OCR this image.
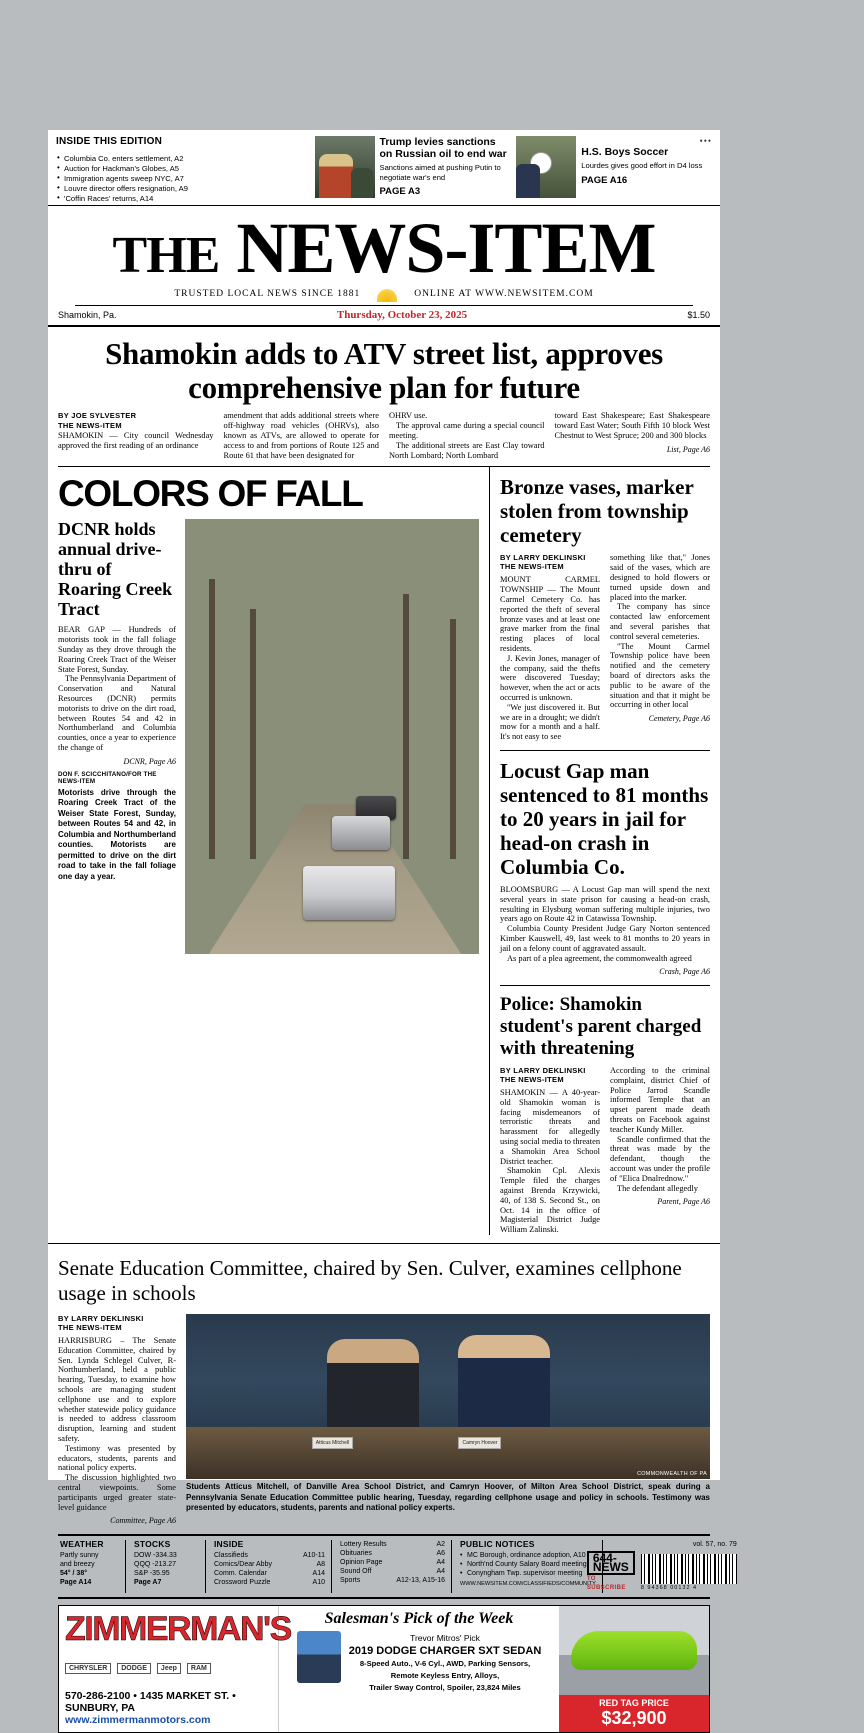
INSIDE THIS EDITION
• Columbia Co. enters settlement, A2
• Auction for Hackman's Globes, A5
• Immigration agents sweep NYC, A7
• Louvre director offers resignation, A9
• 'Coffin Races' returns, A14
Trump levies sanctions on Russian oil to end war
Sanctions aimed at pushing Putin to negotiate war's end
PAGE A3
•••
H.S. Boys Soccer
Lourdes gives good effort in D4 loss
PAGE A16
THE NEWS-ITEM
TRUSTED LOCAL NEWS SINCE 1881	ONLINE AT WWW.NEWSITEM.COM
Shamokin, Pa.	Thursday, October 23, 2025	$1.50
Shamokin adds to ATV street list, approves comprehensive plan for future
BY JOE SYLVESTER
THE NEWS-ITEM

SHAMOKIN — City council Wednesday approved the first reading of an ordinance

amendment that adds additional streets where off-highway road vehicles (OHRVs), also known as ATVs, are allowed to operate for access to and from portions of Route 125 and Route 61 that have been designated for

OHRV use.

The approval came during a special council meeting.

The additional streets are East Clay toward North Lombard; North Lombard

toward East Shakespeare; East Shakespeare toward East Water; South Fifth 10 block West Chestnut to West Spruce; 200 and 300 blocks

List, Page A6
COLORS OF FALL
DCNR holds annual drive-thru of Roaring Creek Tract

BEAR GAP — Hundreds of motorists took in the fall foliage Sunday as they drove through the Roaring Creek Tract of the Weiser State Forest, Sunday.

The Pennsylvania Department of Conservation and Natural Resources (DCNR) permits motorists to drive on the dirt road, between Routes 54 and 42 in Northumberland and Columbia counties, once a year to experience the change of

DCNR, Page A6
DON F. SCICCHITANO/FOR THE NEWS-ITEM
Motorists drive through the Roaring Creek Tract of the Weiser State Forest, Sunday, between Routes 54 and 42, in Columbia and Northumberland counties. Motorists are permitted to drive on the dirt road to take in the fall foliage one day a year.
Bronze vases, marker stolen from township cemetery
BY LARRY DEKLINSKI
THE NEWS-ITEM

MOUNT CARMEL TOWNSHIP — The Mount Carmel Cemetery Co. has reported the theft of several bronze vases and at least one grave marker from the final resting places of local residents.

J. Kevin Jones, manager of the company, said the thefts were discovered Tuesday; however, when the act or acts occurred is unknown.

"We just discovered it. But we are in a drought; we didn't mow for a month and a half. It's not easy to see

something like that," Jones said of the vases, which are designed to hold flowers or turned upside down and placed into the marker.

The company has since contacted law enforcement and several parishes that control several cemeteries.

"The Mount Carmel Township police have been notified and the cemetery board of directors asks the public to be aware of the situation and that it might be occurring in other local

Cemetery, Page A6
Locust Gap man sentenced to 81 months to 20 years in jail for head-on crash in Columbia Co.

BLOOMSBURG — A Locust Gap man will spend the next several years in state prison for causing a head-on crash, resulting in Elysburg woman suffering multiple injuries, two years ago on Route 42 in Catawissa Township.

Columbia County President Judge Gary Norton sentenced Kimber Kauswell, 49, last week to 81 months to 20 years in jail on a felony count of aggravated assault.

As part of a plea agreement, the commonwealth agreed

Crash, Page A6
Police: Shamokin student's parent charged with threatening
BY LARRY DEKLINSKI
THE NEWS-ITEM

SHAMOKIN — A 40-year-old Shamokin woman is facing misdemeanors of terroristic threats and harassment for allegedly using social media to threaten a Shamokin Area School District teacher.

Shamokin Cpl. Alexis Temple filed the charges against Brenda Krzywicki, 40, of 138 S. Second St., on Oct. 14 in the office of Magisterial District Judge William Zalinski.

According to the criminal complaint, district Chief of Police Jarrod Scandle informed Temple that an upset parent made death threats on Facebook against teacher Kundy Miller.

Scandle confirmed that the threat was made by the defendant, though the account was under the profile of "Elica Dnalrednow."

The defendant allegedly

Parent, Page A6
Senate Education Committee, chaired by Sen. Culver, examines cellphone usage in schools
BY LARRY DEKLINSKI
THE NEWS-ITEM

HARRISBURG – The Senate Education Committee, chaired by Sen. Lynda Schlegel Culver, R-Northumberland, held a public hearing, Tuesday, to examine how schools are managing student cellphone use and to explore whether statewide policy guidance is needed to address classroom disruption, learning and student safety.

Testimony was presented by educators, students, parents and national policy experts.

The discussion highlighted two central viewpoints. Some participants urged greater state-level guidance

Committee, Page A6
Atticus Mitchell	Camryn Hoover
COMMONWEALTH OF PA
Students Atticus Mitchell, of Danville Area School District, and Camryn Hoover, of Milton Area School District, speak during a Pennsylvania Senate Education Committee public hearing, Tuesday, regarding cellphone usage and policy in schools. Testimony was presented by educators, students, parents and national policy experts.
WEATHER
Partly sunny
and breezy
54° / 38°
Page A14
STOCKS
DOW -334.33
QQQ -213.27
S&P -35.95
Page A7
INSIDE
Classifieds	A10-11
Comics/Dear Abby	A8
Comm. Calendar	A14
Crossword Puzzle	A10
Lottery Results	A2
Obituaries	A6
Opinion Page	A4
Sound Off	A4
Sports	A12-13, A15-16
PUBLIC NOTICES
• MC Borough, ordinance adoption, A10
• North'nd County Salary Board meeting
• Conyngham Twp. supervisor meeting
WWW.NEWSITEM.COM/CLASSIFIEDS/COMMUNITY
vol. 57, no. 79
644-NEWS
TO SUBSCRIBE	8 94368 00132 4
ZIMMERMAN'S
CHRYSLER	DODGE	Jeep	RAM
570-286-2100 • 1435 MARKET ST. • SUNBURY, PA www.zimmermanmotors.com
Salesman's Pick of the Week
Trevor Mitros' Pick
2019 DODGE CHARGER SXT SEDAN
8-Speed Auto., V-6 Cyl., AWD, Parking Sensors,
Remote Keyless Entry, Alloys,
Trailer Sway Control, Spoiler, 23,824 Miles
RED TAG PRICE
$32,900
